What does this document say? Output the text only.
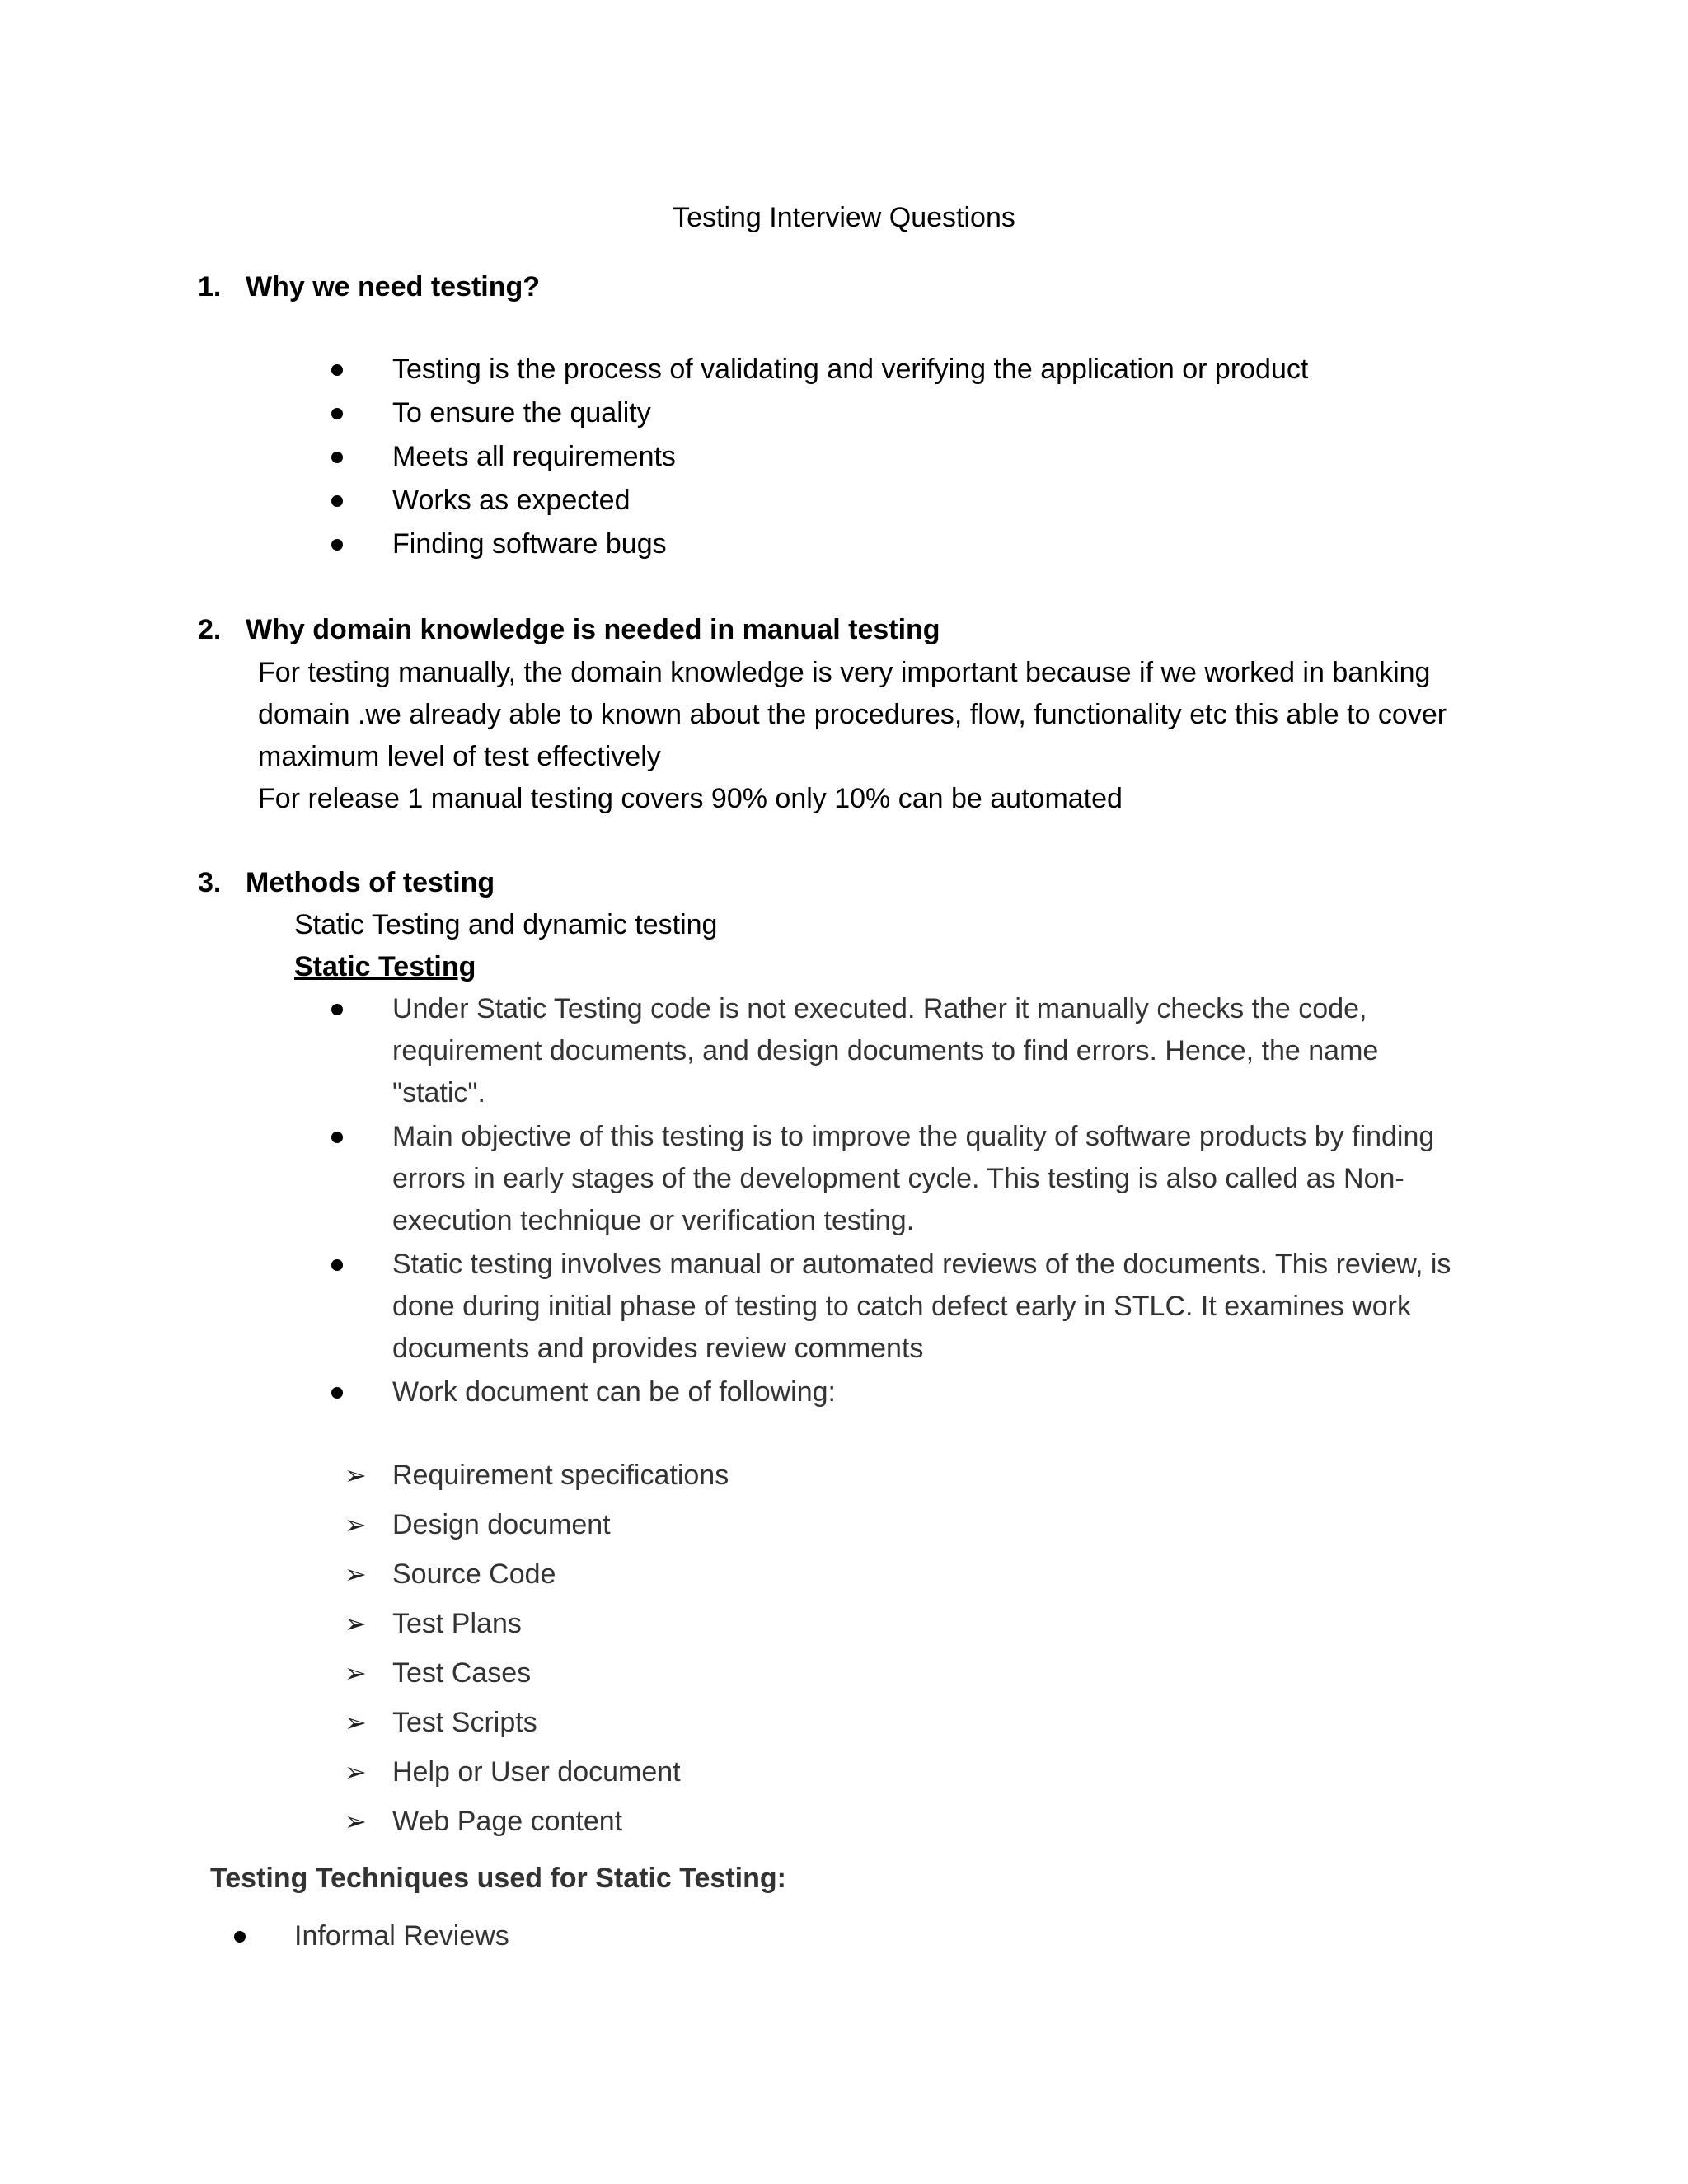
Testing Interview Questions
1. Why we need testing?
Testing is the process of validating and verifying the application or product
To ensure the quality
Meets all requirements
Works as expected
Finding software bugs
2. Why domain knowledge is needed in manual testing
For testing manually, the domain knowledge is very important because if we worked in banking
domain .we already able to known about the procedures, flow, functionality etc this able to cover
maximum level of test effectively
For release 1 manual testing covers 90% only 10% can be automated
3. Methods of testing
Static Testing and dynamic testing
Static Testing
Under Static Testing code is not executed. Rather it manually checks the code,
requirement documents, and design documents to find errors. Hence, the name
"static".
Main objective of this testing is to improve the quality of software products by finding
errors in early stages of the development cycle. This testing is also called as Non-
execution technique or verification testing.
Static testing involves manual or automated reviews of the documents. This review, is
done during initial phase of testing to catch defect early in STLC. It examines work
documents and provides review comments
Work document can be of following:
➢ Requirement specifications
➢ Design document
➢ Source Code
➢ Test Plans
➢ Test Cases
➢ Test Scripts
➢ Help or User document
➢ Web Page content
Testing Techniques used for Static Testing:
Informal Reviews
